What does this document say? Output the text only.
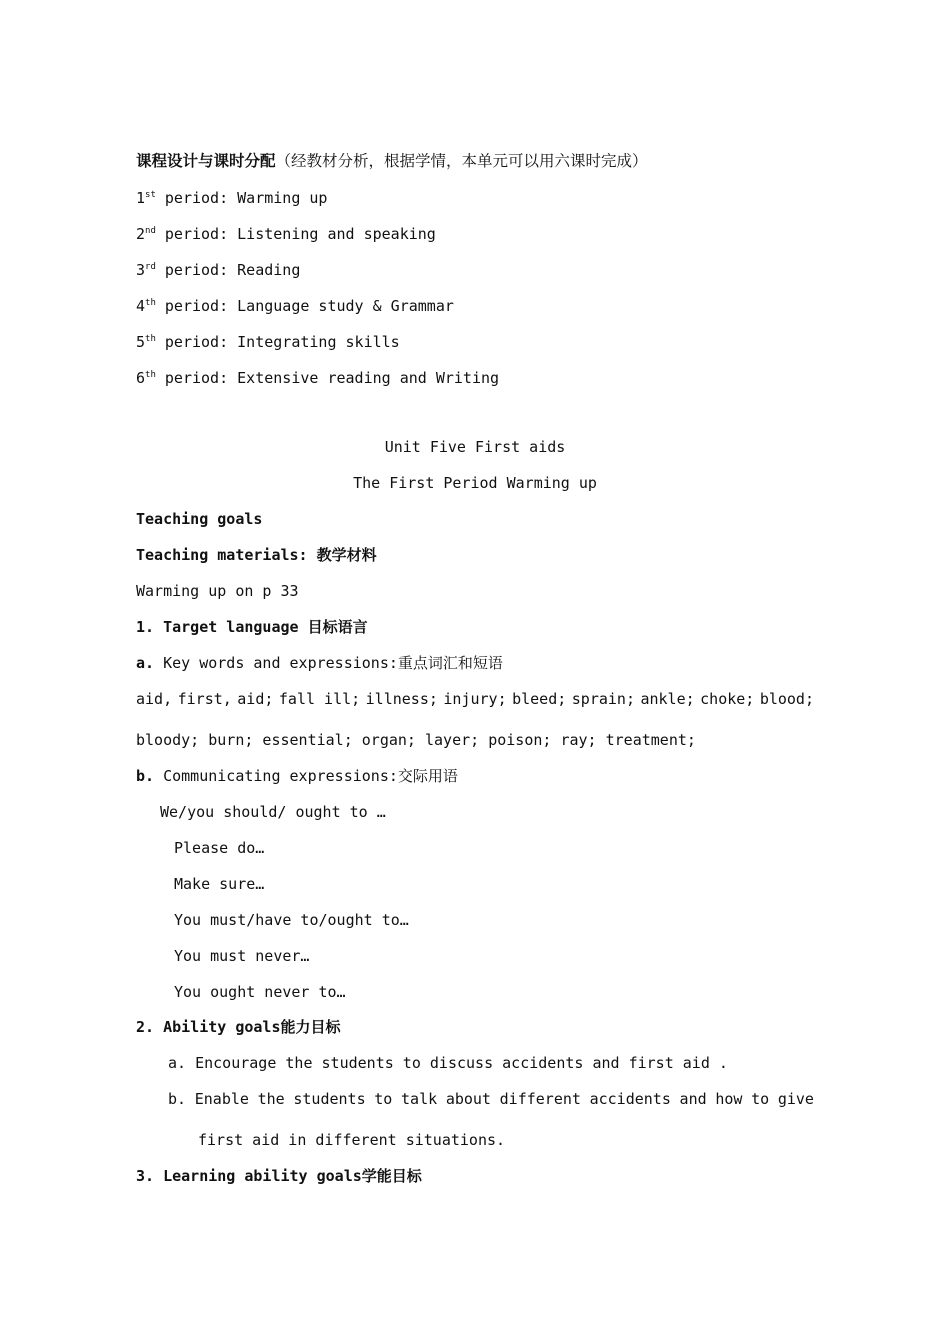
课程设计与课时分配（经教材分析，根据学情，本单元可以用六课时完成）
1st period: Warming up
2nd period: Listening and speaking
3rd period: Reading
4th period: Language study & Grammar
5th period: Integrating skills
6th period: Extensive reading and Writing
Unit Five First aids
The First Period Warming up
Teaching goals
Teaching materials: 教学材料
Warming up on p 33
1. Target language 目标语言
a. Key words and expressions:重点词汇和短语
aid, first, aid; fall ill; illness; injury; bleed; sprain; ankle; choke; blood;
bloody; burn; essential; organ; layer; poison; ray; treatment;
b. Communicating expressions:交际用语
We/you should/ ought to …
Please do…
Make sure…
You must/have to/ought to…
You must never…
You ought never to…
2. Ability goals能力目标
a. Encourage the students to discuss accidents and first aid .
b. Enable the students to talk about different accidents and how to give
first aid in different situations.
3. Learning ability goals学能目标
